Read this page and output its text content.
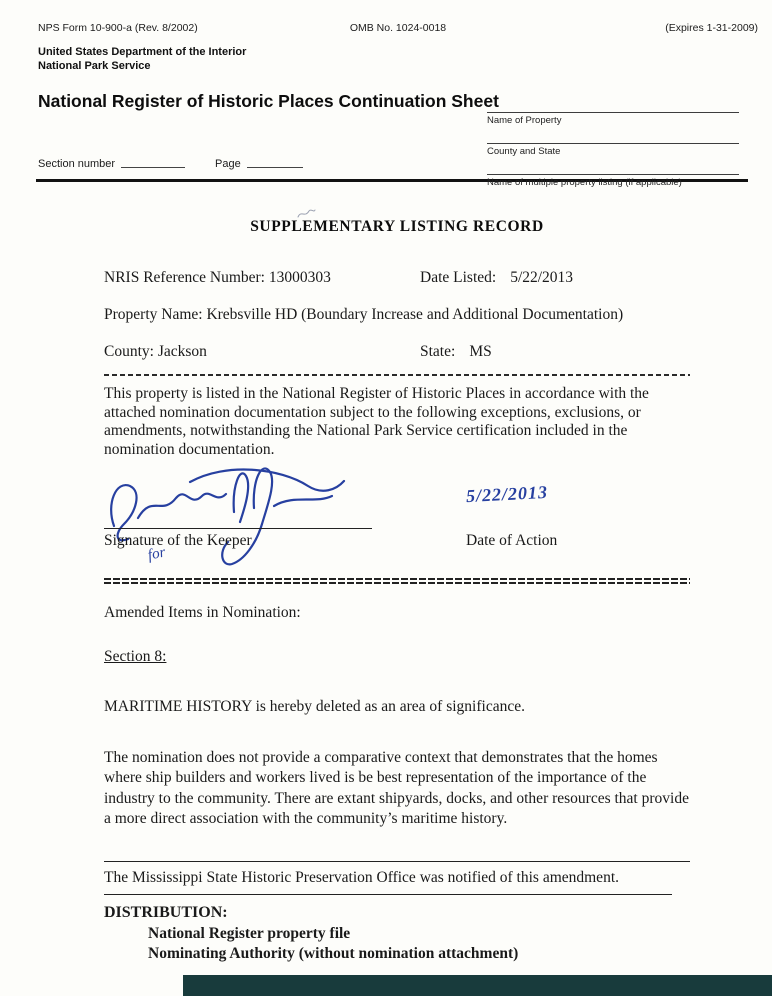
NPS Form 10-900-a (Rev. 8/2002)	OMB No. 1024-0018	(Expires 1-31-2009)
United States Department of the Interior
National Park Service
National Register of Historic Places Continuation Sheet
Name of Property
County and State
Name of multiple property listing (if applicable)
Section number	Page
SUPPLEMENTARY LISTING RECORD
NRIS Reference Number: 13000303	Date Listed: 5/22/2013
Property Name: Krebsville HD (Boundary Increase and Additional Documentation)
County: Jackson	State: MS
This property is listed in the National Register of Historic Places in accordance with the attached nomination documentation subject to the following exceptions, exclusions, or amendments, notwithstanding the National Park Service certification included in the nomination documentation.
Signature of the Keeper
for
5/22/2013
Date of Action
Amended Items in Nomination:
Section 8:
MARITIME HISTORY is hereby deleted as an area of significance.
The nomination does not provide a comparative context that demonstrates that the homes where ship builders and workers lived is be best representation of the importance of the industry to the community. There are extant shipyards, docks, and other resources that provide a more direct association with the community’s maritime history.
The Mississippi State Historic Preservation Office was notified of this amendment.
DISTRIBUTION:
National Register property file
Nominating Authority (without nomination attachment)
